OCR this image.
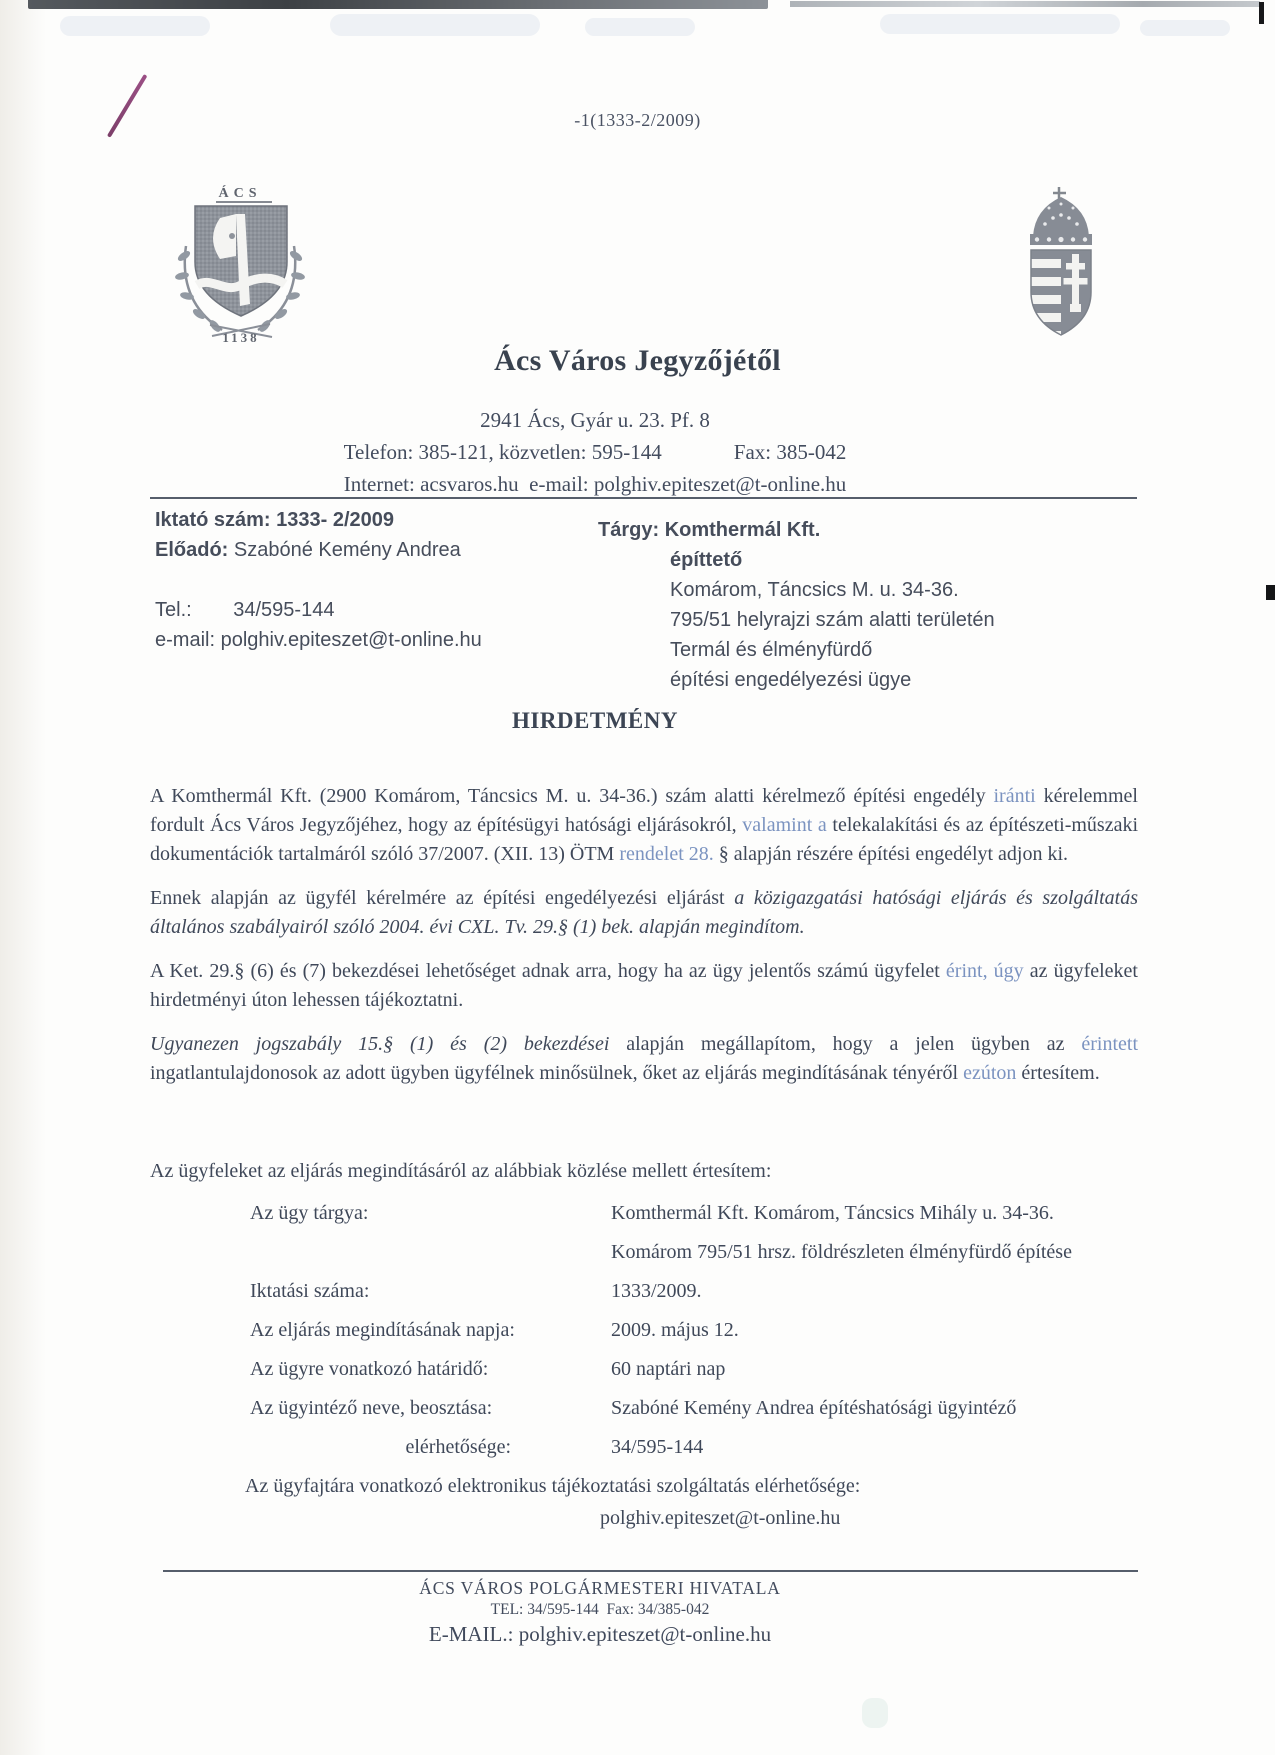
-1(1333-2/2009)
ÁCS
1138
Ács Város Jegyzőjétől
2941 Ács, Gyár u. 23. Pf. 8
Telefon: 385-121, közvetlen: 595-144	Fax: 385-042
Internet: acsvaros.hu  e-mail: polghiv.epiteszet@t-online.hu
Iktató szám: 1333- 2/2009
Előadó: Szabóné Kemény Andrea
Tel.: 34/595-144
e-mail: polghiv.epiteszet@t-online.hu
Tárgy: Komthermál Kft.
építtető
Komárom, Táncsics M. u. 34-36.
795/51 helyrajzi szám alatti területén
Termál és élményfürdő
építési engedélyezési ügye
HIRDETMÉNY

A Komthermál Kft. (2900 Komárom, Táncsics M. u. 34-36.) szám alatti kérelmező építési engedély iránti kérelemmel fordult Ács Város Jegyzőjéhez, hogy az építésügyi hatósági eljárásokról, valamint a telekalakítási és az építészeti-műszaki dokumentációk tartalmáról szóló 37/2007. (XII. 13) ÖTM rendelet 28. § alapján részére építési engedélyt adjon ki.

Ennek alapján az ügyfél kérelmére az építési engedélyezési eljárást a közigazgatási hatósági eljárás és szolgáltatás általános szabályairól szóló 2004. évi CXL. Tv. 29.§ (1) bek. alapján megindítom.

A Ket. 29.§ (6) és (7) bekezdései lehetőséget adnak arra, hogy ha az ügy jelentős számú ügyfelet érint, úgy az ügyfeleket hirdetményi úton lehessen tájékoztatni.

Ugyanezen jogszabály 15.§ (1) és (2) bekezdései alapján megállapítom, hogy a jelen ügyben az érintett ingatlantulajdonosok az adott ügyben ügyfélnek minősülnek, őket az eljárás megindításának tényéről ezúton értesítem.

Az ügyfeleket az eljárás megindításáról az alábbiak közlése mellett értesítem:
Az ügy tárgya:	Komthermál Kft. Komárom, Táncsics Mihály u. 34-36.
Komárom 795/51 hrsz. földrészleten élményfürdő építése
Iktatási száma:	1333/2009.
Az eljárás megindításának napja:	2009. május 12.
Az ügyre vonatkozó határidő:	60 naptári nap
Az ügyintéző neve, beosztása:	Szabóné Kemény Andrea építéshatósági ügyintéző
elérhetősége:	34/595-144
Az ügyfajtára vonatkozó elektronikus tájékoztatási szolgáltatás elérhetősége:
polghiv.epiteszet@t-online.hu
ÁCS VÁROS POLGÁRMESTERI HIVATALA
TEL: 34/595-144  Fax: 34/385-042
E-MAIL.: polghiv.epiteszet@t-online.hu
